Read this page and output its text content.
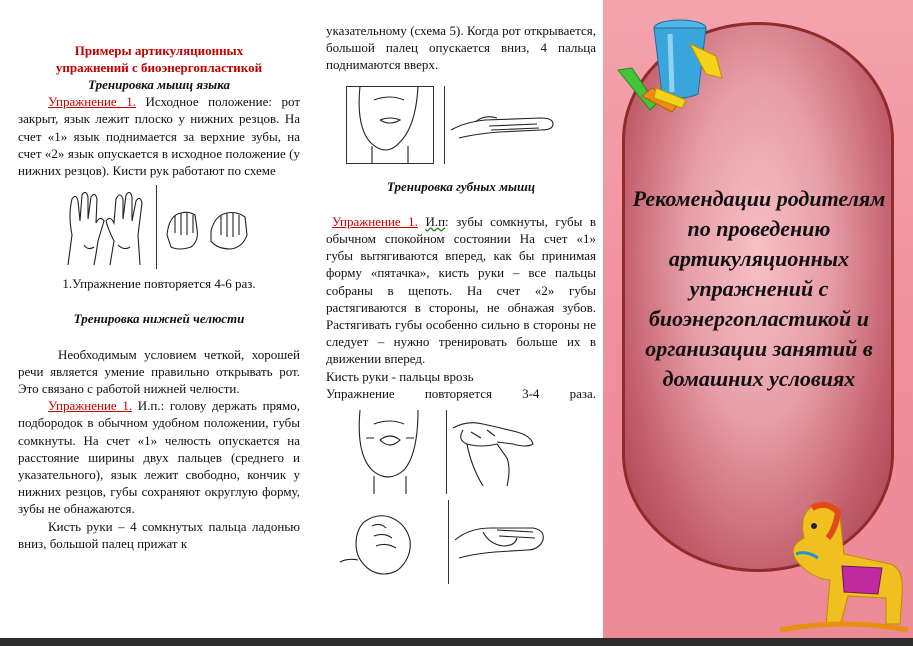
Примеры артикуляционных
упражнений с биоэнергопластикой

Тренировка мышц языка

Упражнение 1. Исходное положение: рот закрыт, язык лежит плоско у нижних резцов. На счет «1» язык поднимается за верхние зубы, на счет «2» язык опускается в исходное положение (у нижних резцов). Кисти рук работают по схеме

1.Упражнение повторяется 4-6 раз.

Тренировка нижней челюсти

Необходимым условием четкой, хорошей речи является умение правильно открывать рот. Это связано с работой нижней челюсти.

Упражнение 1. И.п.: голову держать прямо, подбородок в обычном удобном положении, губы сомкнуты. На счет «1» челюсть опускается на расстояние ширины двух пальцев (среднего и указательного), язык лежит свободно, кончик у нижних резцов, губы сохраняют округлую форму, зубы не обнажаются.

Кисть руки – 4 сомкнутых пальца ладонью вниз, большой палец прижат к

указательному (схема 5). Когда рот открывается, большой палец опускается вниз, 4 пальца поднимаются вверх.

Тренировка губных мышц

Упражнение 1. И.п: зубы сомкнуты, губы в обычном спокойном состоянии На счет «1» губы вытягиваются вперед, как бы принимая форму «пятачка», кисть руки – все пальцы собраны в щепоть. На счет «2» губы растягиваются в стороны, не обнажая зубов. Растягивать губы особенно сильно в стороны не следует – нужно тренировать больше их в движении вперед.

Кисть руки - пальцы врозь

Упражнение повторяется 3-4 раза.

Рекомендации родителям по проведению артикуляционных упражнений с биоэнергопластикой и организации занятий в домашних условиях
